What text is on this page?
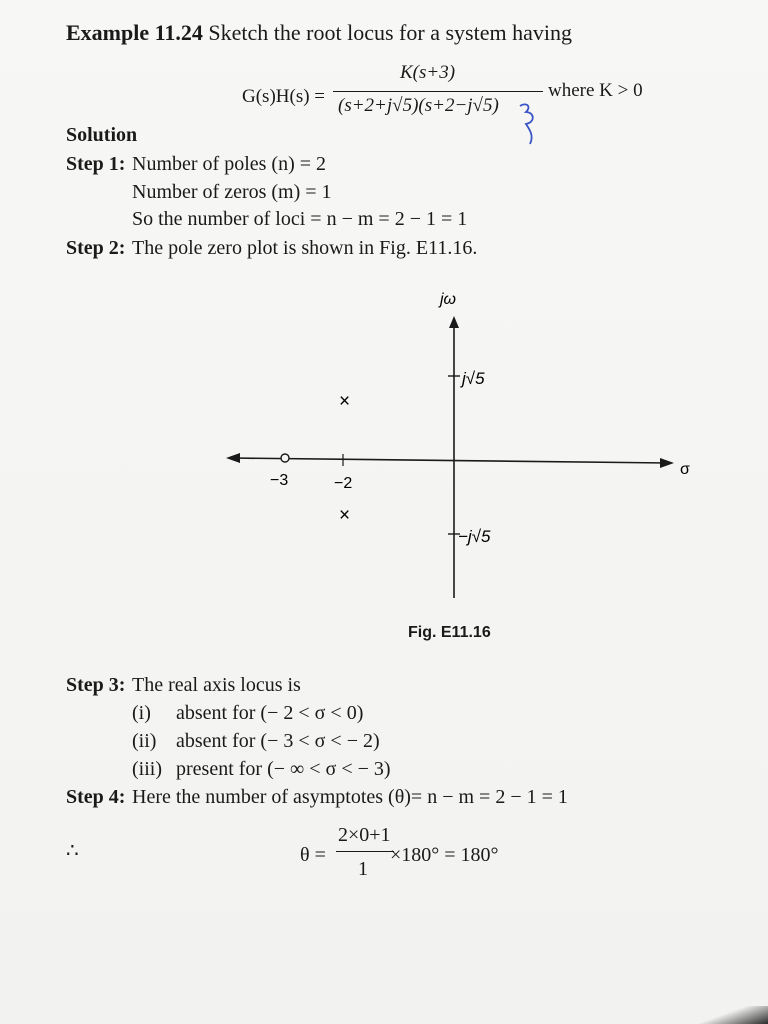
Example 11.24 Sketch the root locus for a system having
G(s)H(s) =
K(s+3)
(s+2+j√5)(s+2−j√5)
where K > 0
3
Solution
Step 1: Number of poles (n) = 2
Number of zeros (m) = 1
So the number of loci = n − m = 2 − 1 = 1
Step 2: The pole zero plot is shown in Fig. E11.16.
jω
σ
j√5
−j√5
−3	−2
×
×
Fig. E11.16
Step 3: The real axis locus is
(i) absent for (− 2 < σ < 0)
(ii) absent for (− 3 < σ < − 2)
(iii) present for (− ∞ < σ < − 3)
Step 4: Here the number of asymptotes (θ)= n − m = 2 − 1 = 1
∴	θ =
2×0+1
1
×180° = 180°
